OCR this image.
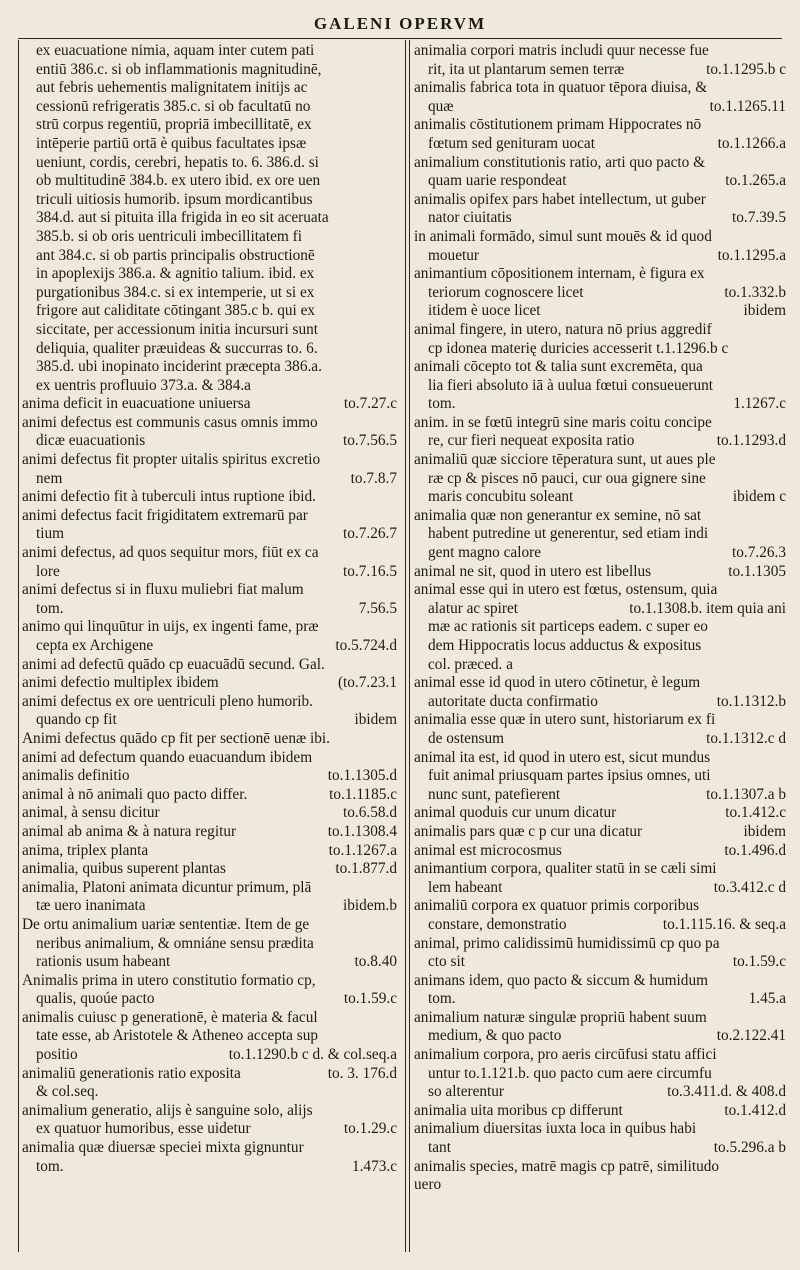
GALENI OPERVM
ex euacuatione nimia, aquam inter cutem pati
entiū 386.c. si ob inflammationis magnitudinē,
aut febris uehementis malignitatem initijs ac
cessionū refrigeratis 385.c. si ob facultatū no
strū corpus regentiū, propriā imbecillitatē, ex
intēperie partiū ortā è quibus facultates ipsæ
ueniunt, cordis, cerebri, hepatis to. 6. 386.d. si
ob multitudinē 384.b. ex utero ibid. ex ore uen
triculi uitiosis humorib. ipsum mordicantibus
384.d. aut si pituita illa frigida in eo sit aceruata
385.b. si ob oris uentriculi imbecillitatem fi
ant 384.c. si ob partis principalis obstructionē
in apoplexijs 386.a. & agnitio talium. ibid. ex
purgationibus 384.c. si ex intemperie, ut si ex
frigore aut caliditate cōtingant 385.c b. qui ex
siccitate, per accessionum initia incursuri sunt
deliquia, qualiter præuideas & succurras to. 6.
385.d. ubi inopinato inciderint præcepta 386.a.
ex uentris profluuio 373.a. & 384.a
anima deficit in euacuatione uniuersa	to.7.27.c
animi defectus est communis casus omnis immo
dicæ euacuationis	to.7.56.5
animi defectus fit propter uitalis spiritus excretio
nem	to.7.8.7
animi defectio fit à tuberculi intus ruptione ibid.
animi defectus facit frigiditatem extremarū par
tium	to.7.26.7
animi defectus, ad quos sequitur mors, fiūt ex ca
lore	to.7.16.5
animi defectus si in fluxu muliebri fiat malum
tom.	7.56.5
animo qui linquūtur in uijs, ex ingenti fame, præ
cepta ex Archigene	to.5.724.d
animi ad defectū quādo cp euacuādū secund. Gal.
animi defectio multiplex ibidem	(to.7.23.1
animi defectus ex ore uentriculi pleno humorib.
quando cp fit	ibidem
Animi defectus quādo cp fit per sectionē uenæ ibi.
animi ad defectum quando euacuandum ibidem
animalis definitio	to.1.1305.d
animal à nō animali quo pacto differ.	to.1.1185.c
animal, à sensu dicitur	to.6.58.d
animal ab anima & à natura regitur	to.1.1308.4
anima, triplex planta	to.1.1267.a
animalia, quibus superent plantas	to.1.877.d
animalia, Platoni animata dicuntur primum, plā
tæ uero inanimata	ibidem.b
De ortu animalium uariæ sententiæ. Item de ge
neribus animalium, & omniáne sensu prædita
rationis usum habeant	to.8.40
Animalis prima in utero constitutio formatio cp,
qualis, quoúe pacto	to.1.59.c
animalis cuiusc p generationē, è materia & facul
tate esse, ab Aristotele & Atheneo accepta sup
positio	to.1.1290.b c d. & col.seq.a
animaliū generationis ratio exposita	to. 3. 176.d
& col.seq.
animalium generatio, alijs è sanguine solo, alijs
ex quatuor humoribus, esse uidetur	to.1.29.c
animalia quæ diuersæ speciei mixta gignuntur
tom.	1.473.c
animalia corpori matris includi quur necesse fue
rit, ita ut plantarum semen terræ	to.1.1295.b c
animalis fabrica tota in quatuor tēpora diuisa, &
quæ	to.1.1265.11
animalis cōstitutionem primam Hippocrates nō
fœtum sed genituram uocat	to.1.1266.a
animalium constitutionis ratio, arti quo pacto &
quam uarie respondeat	to.1.265.a
animalis opifex pars habet intellectum, ut guber
nator ciuitatis	to.7.39.5
in animali formādo, simul sunt mouēs & id quod
mouetur	to.1.1295.a
animantium cōpositionem internam, è figura ex
teriorum cognoscere licet	to.1.332.b
itidem è uoce licet	ibidem
animal fingere, in utero, natura nō prius aggredif
cp idonea materię duricies accesserit t.1.1296.b c
animali cōcepto tot & talia sunt excremēta, qua
lia fieri absoluto iā à uulua fœtui consueuerunt
tom.	1.1267.c
anim. in se fœtū integrū sine maris coitu concipe
re, cur fieri nequeat exposita ratio	to.1.1293.d
animaliū quæ sicciore tēperatura sunt, ut aues ple
ræ cp & pisces nō pauci, cur oua gignere sine
maris concubitu soleant	ibidem c
animalia quæ non generantur ex semine, nō sat
habent putredine ut generentur, sed etiam indi
gent magno calore	to.7.26.3
animal ne sit, quod in utero est libellus	to.1.1305
animal esse qui in utero est fœtus, ostensum, quia
alatur ac spiret	to.1.1308.b. item quia ani
mæ ac rationis sit particeps eadem. c super eo
dem Hippocratis locus adductus & expositus
col. præced. a
animal esse id quod in utero cōtinetur, è legum
autoritate ducta confirmatio	to.1.1312.b
animalia esse quæ in utero sunt, historiarum ex fi
de ostensum	to.1.1312.c d
animal ita est, id quod in utero est, sicut mundus
fuit animal priusquam partes ipsius omnes, uti
nunc sunt, patefierent	to.1.1307.a b
animal quoduis cur unum dicatur	to.1.412.c
animalis pars quæ c p cur una dicatur	ibidem
animal est microcosmus	to.1.496.d
animantium corpora, qualiter statū in se cæli simi
lem habeant	to.3.412.c d
animaliū corpora ex quatuor primis corporibus
constare, demonstratio	to.1.115.16. & seq.a
animal, primo calidissimū humidissimū cp quo pa
cto sit	to.1.59.c
animans idem, quo pacto & siccum & humidum
tom.	1.45.a
animalium naturæ singulæ propriū habent suum
medium, & quo pacto	to.2.122.41
animalium corpora, pro aeris circūfusi statu affici
untur to.1.121.b. quo pacto cum aere circumfu
so alterentur	to.3.411.d. & 408.d
animalia uita moribus cp differunt	to.1.412.d
animalium diuersitas iuxta loca in quibus habi
tant	to.5.296.a b
animalis species, matrē magis cp patrē, similitudo
uero
